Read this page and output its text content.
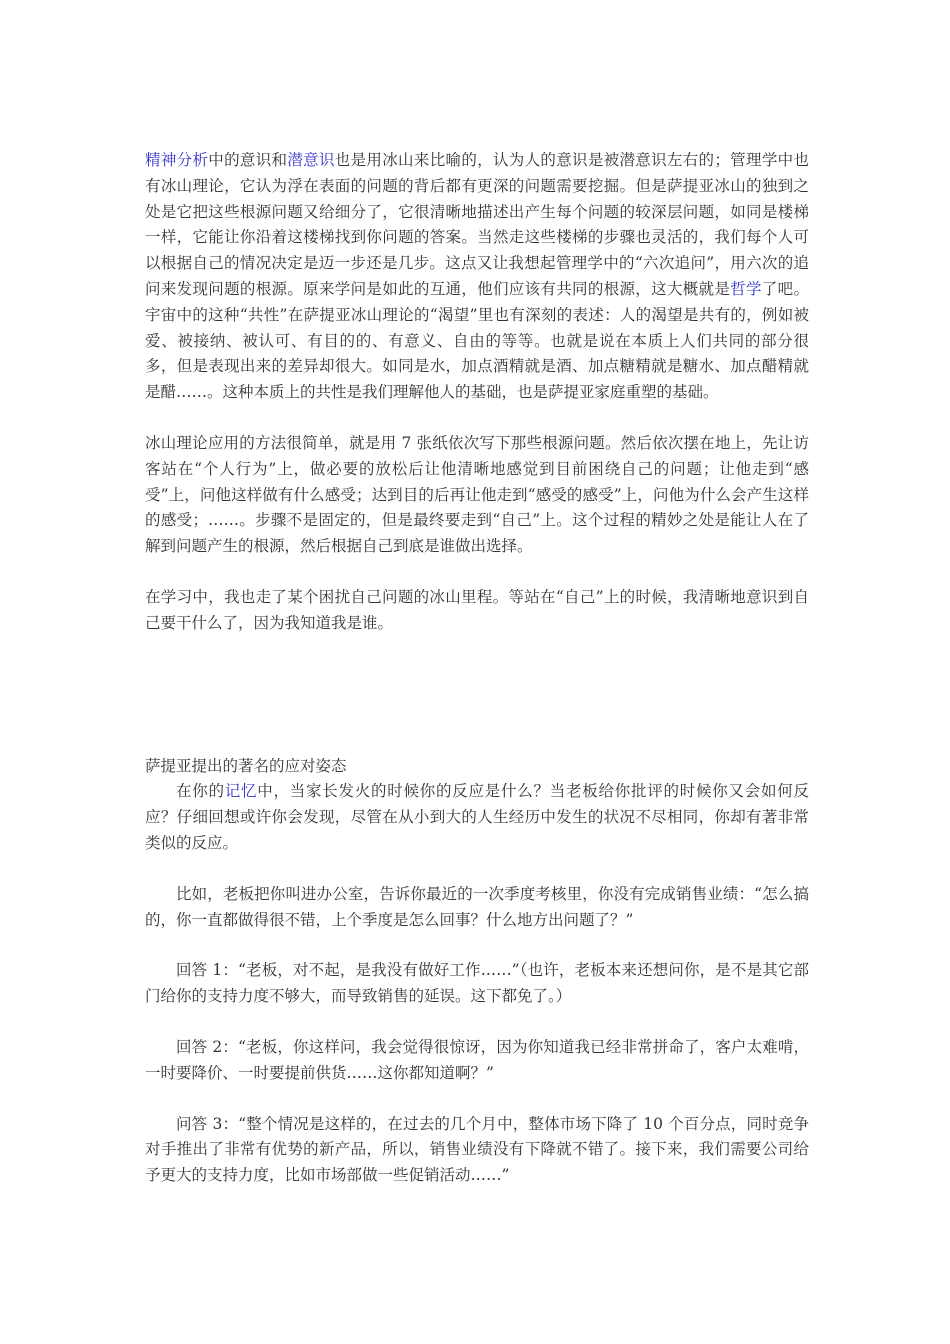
精神分析中的意识和潜意识也是用冰山来比喻的，认为人的意识是被潜意识左右的；管理学中也有冰山理论，它认为浮在表面的问题的背后都有更深的问题需要挖掘。但是萨提亚冰山的独到之处是它把这些根源问题又给细分了，它很清晰地描述出产生每个问题的较深层问题，如同是楼梯一样，它能让你沿着这楼梯找到你问题的答案。当然走这些楼梯的步骤也灵活的，我们每个人可以根据自己的情况决定是迈一步还是几步。这点又让我想起管理学中的“六次追问”，用六次的追问来发现问题的根源。原来学问是如此的互通，他们应该有共同的根源，这大概就是哲学了吧。宇宙中的这种“共性”在萨提亚冰山理论的“渴望”里也有深刻的表述：人的渴望是共有的，例如被爱、被接纳、被认可、有目的的、有意义、自由的等等。也就是说在本质上人们共同的部分很多，但是表现出来的差异却很大。如同是水，加点酒精就是酒、加点糖精就是糖水、加点醋精就是醋……。这种本质上的共性是我们理解他人的基础，也是萨提亚家庭重塑的基础。

冰山理论应用的方法很简单，就是用 7 张纸依次写下那些根源问题。然后依次摆在地上，先让访客站在“个人行为”上，做必要的放松后让他清晰地感觉到目前困绕自己的问题；让他走到“感受”上，问他这样做有什么感受；达到目的后再让他走到“感受的感受”上，问他为什么会产生这样的感受；……。步骤不是固定的，但是最终要走到“自己”上。这个过程的精妙之处是能让人在了解到问题产生的根源，然后根据自己到底是谁做出选择。

在学习中，我也走了某个困扰自己问题的冰山里程。等站在“自己”上的时候，我清晰地意识到自己要干什么了，因为我知道我是谁。

萨提亚提出的著名的应对姿态

在你的记忆中，当家长发火的时候你的反应是什么？当老板给你批评的时候你又会如何反应？仔细回想或许你会发现，尽管在从小到大的人生经历中发生的状况不尽相同，你却有著非常类似的反应。

比如，老板把你叫进办公室，告诉你最近的一次季度考核里，你没有完成销售业绩：“怎么搞的，你一直都做得很不错，上个季度是怎么回事？什么地方出问题了？”

回答 1：“老板，对不起，是我没有做好工作……”（也许，老板本来还想问你，是不是其它部门给你的支持力度不够大，而导致销售的延误。这下都免了。）

回答 2：“老板，你这样问，我会觉得很惊讶，因为你知道我已经非常拼命了，客户太难啃，一时要降价、一时要提前供货……这你都知道啊？”

问答 3：“整个情况是这样的，在过去的几个月中，整体市场下降了 10 个百分点，同时竞争对手推出了非常有优势的新产品，所以，销售业绩没有下降就不错了。接下来，我们需要公司给予更大的支持力度，比如市场部做一些促销活动……”
